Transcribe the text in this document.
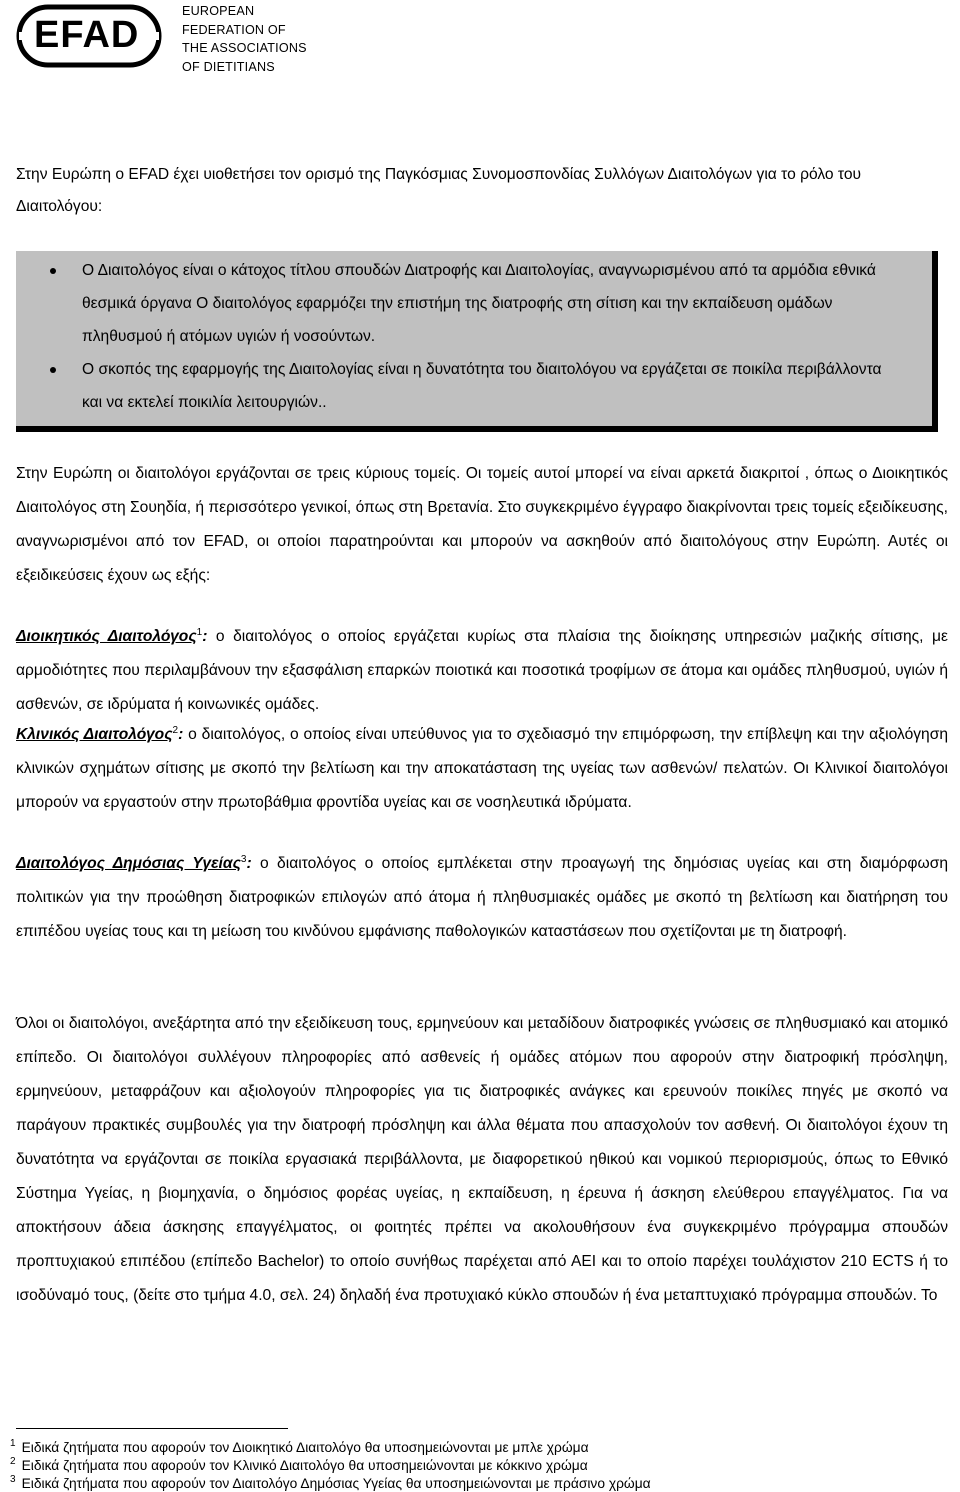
EFAD
EUROPEAN
FEDERATION OF
THE ASSOCIATIONS
OF DIETITIANS

Στην Ευρώπη ο EFAD έχει υιοθετήσει τον ορισμό της Παγκόσμιας Συνομοσπονδίας Συλλόγων Διαιτολόγων για το ρόλο του Διαιτολόγου:

Ο Διαιτολόγος είναι ο κάτοχος τίτλου σπουδών Διατροφής και Διαιτολογίας, αναγνωρισμένου από τα αρμόδια εθνικά θεσμικά όργανα Ο διαιτολόγος εφαρμόζει την επιστήμη της διατροφής στη σίτιση και την εκπαίδευση ομάδων πληθυσμού ή ατόμων υγιών ή νοσούντων.
Ο σκοπός της εφαρμογής της Διαιτολογίας είναι η δυνατότητα του διαιτολόγου να εργάζεται σε ποικίλα περιβάλλοντα και να εκτελεί ποικιλία λειτουργιών..

Στην Ευρώπη οι διαιτολόγοι εργάζονται σε τρεις κύριους τομείς. Οι τομείς αυτοί μπορεί να είναι αρκετά διακριτοί , όπως ο Διοικητικός Διαιτολόγος στη Σουηδία, ή περισσότερο γενικοί, όπως στη Βρετανία. Στο συγκεκριμένο έγγραφο διακρίνονται τρεις τομείς εξειδίκευσης, αναγνωρισμένοι από τον EFAD, οι οποίοι παρατηρούνται και μπορούν να ασκηθούν από διαιτολόγους στην Ευρώπη. Αυτές οι εξειδικεύσεις έχουν ως εξής:

Διοικητικός Διαιτολόγος$^1$: ο διαιτολόγος ο οποίος εργάζεται κυρίως στα πλαίσια της διοίκησης υπηρεσιών μαζικής σίτισης, με αρμοδιότητες που περιλαμβάνουν την εξασφάλιση επαρκών ποιοτικά και ποσοτικά τροφίμων σε άτομα και ομάδες πληθυσμού, υγιών ή ασθενών, σε ιδρύματα ή κοινωνικές ομάδες.

Κλινικός Διαιτολόγος$^2$: ο διαιτολόγος, ο οποίος είναι υπεύθυνος για το σχεδιασμό την επιμόρφωση, την επίβλεψη και την αξιολόγηση κλινικών σχημάτων σίτισης με σκοπό την βελτίωση και την αποκατάσταση της υγείας των ασθενών/ πελατών. Οι Κλινικοί διαιτολόγοι μπορούν να εργαστούν στην πρωτοβάθμια φροντίδα υγείας και σε νοσηλευτικά ιδρύματα.

Διαιτολόγος Δημόσιας Υγείας$^3$: ο διαιτολόγος ο οποίος εμπλέκεται στην προαγωγή της δημόσιας υγείας και στη διαμόρφωση πολιτικών για την προώθηση διατροφικών επιλογών από άτομα ή πληθυσμιακές ομάδες με σκοπό τη βελτίωση και διατήρηση του επιπέδου υγείας τους και τη μείωση του κινδύνου εμφάνισης παθολογικών καταστάσεων που σχετίζονται με τη διατροφή.

Όλοι οι διαιτολόγοι, ανεξάρτητα από την εξειδίκευση τους, ερμηνεύουν και μεταδίδουν διατροφικές γνώσεις σε πληθυσμιακό και ατομικό επίπεδο. Οι διαιτολόγοι συλλέγουν πληροφορίες από ασθενείς ή ομάδες ατόμων που αφορούν στην διατροφική πρόσληψη, ερμηνεύουν, μεταφράζουν και αξιολογούν πληροφορίες για τις διατροφικές ανάγκες και ερευνούν ποικίλες πηγές με σκοπό να παράγουν πρακτικές συμβουλές για την διατροφή πρόσληψη και άλλα θέματα που απασχολούν τον ασθενή. Οι διαιτολόγοι έχουν τη δυνατότητα να εργάζονται σε ποικίλα εργασιακά περιβάλλοντα, με διαφορετικού ηθικού και νομικού περιορισμούς, όπως το Εθνικό Σύστημα Υγείας, η βιομηχανία, ο δημόσιος φορέας υγείας, η εκπαίδευση, η έρευνα ή άσκηση ελεύθερου επαγγέλματος. Για να αποκτήσουν άδεια άσκησης επαγγέλματος, οι φοιτητές πρέπει να ακολουθήσουν ένα συγκεκριμένο πρόγραμμα σπουδών προπτυχιακού επιπέδου (επίπεδο Bachelor) το οποίο συνήθως παρέχεται από ΑΕΙ και το οποίο παρέχει τουλάχιστον 210 ECTS ή το ισοδύναμό τους, (δείτε στο τμήμα 4.0, σελ. 24) δηλαδή ένα προτυχιακό κύκλο σπουδών ή ένα μεταπτυχιακό πρόγραμμα σπουδών. Το

$^1$ Ειδικά ζητήματα που αφορούν τον Διοικητικό Διαιτολόγο θα υποσημειώνονται με μπλε χρώμα
$^2$ Ειδικά ζητήματα που αφορούν τον Κλινικό Διαιτολόγο θα υποσημειώνονται με κόκκινο χρώμα
$^3$ Ειδικά ζητήματα που αφορούν τον Διαιτολόγο Δημόσιας Υγείας θα υποσημειώνονται με πράσινο χρώμα
